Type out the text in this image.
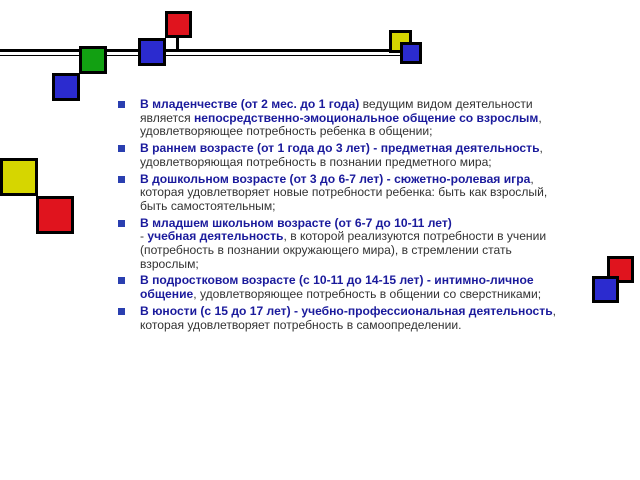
В младенчестве (от 2 мес. до 1 года) ведущим видом деятельности является непосредственно-эмоциональное общение со взрослым, удовлетворяющее потребность ребенка в общении;
В раннем возрасте (от 1 года до 3 лет) - предметная деятельность, удовлетворяющая потребность в познании предметного мира;
В дошкольном возрасте (от 3 до 6-7 лет) - сюжетно-ролевая игра, которая удовлетворяет новые потребности ребенка: быть как взрослый, быть самостоятельным;
В младшем школьном возрасте (от 6-7 до 10-11 лет)
- учебная деятельность, в которой реализуются потребности в учении (потребность в познании окружающего мира), в стремлении стать взрослым;
В подростковом возрасте (с 10-11 до 14-15 лет) - интимно-личное общение, удовлетворяющее потребность в общении со сверстниками;
В юности (с 15 до 17 лет) - учебно-профессиональная деятельность, которая удовлетворяет потребность в самоопределении.
